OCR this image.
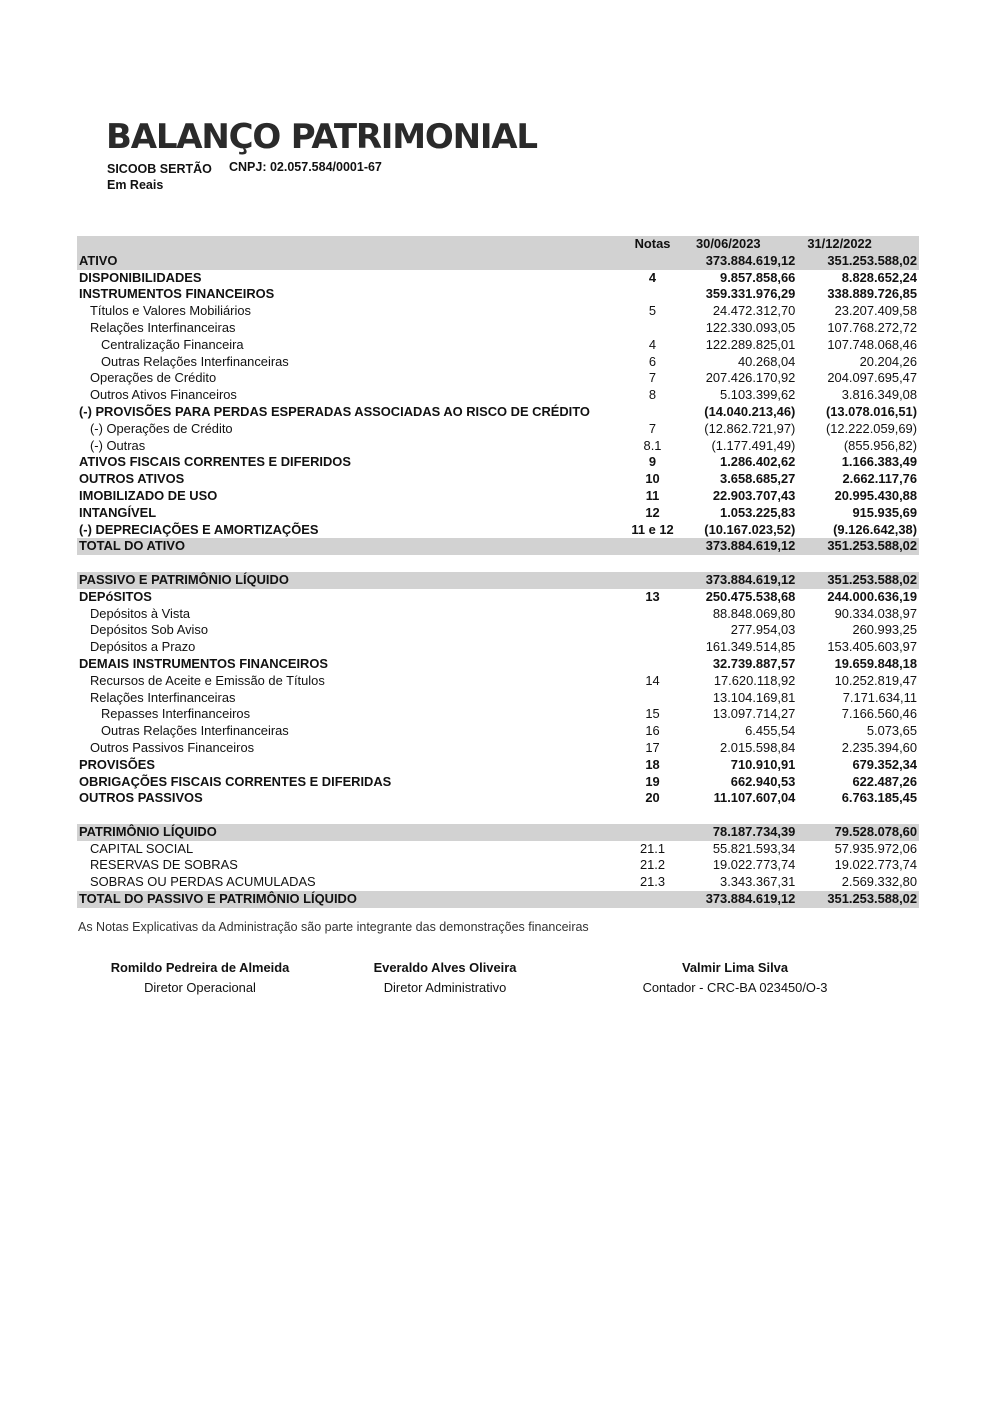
BALANÇO PATRIMONIAL
SICOOB SERTÃO CNPJ: 02.057.584/0001-67
Em Reais
	Notas	30/06/2023	31/12/2022
ATIVO		373.884.619,12	351.253.588,02
DISPONIBILIDADES	4	9.857.858,66	8.828.652,24
INSTRUMENTOS FINANCEIROS		359.331.976,29	338.889.726,85
Títulos e Valores Mobiliários	5	24.472.312,70	23.207.409,58
Relações Interfinanceiras		122.330.093,05	107.768.272,72
Centralização Financeira	4	122.289.825,01	107.748.068,46
Outras Relações Interfinanceiras	6	40.268,04	20.204,26
Operações de Crédito	7	207.426.170,92	204.097.695,47
Outros Ativos Financeiros	8	5.103.399,62	3.816.349,08
(-) PROVISÕES PARA PERDAS ESPERADAS ASSOCIADAS AO RISCO DE CRÉDITO		(14.040.213,46)	(13.078.016,51)
(-) Operações de Crédito	7	(12.862.721,97)	(12.222.059,69)
(-) Outras	8.1	(1.177.491,49)	(855.956,82)
ATIVOS FISCAIS CORRENTES E DIFERIDOS	9	1.286.402,62	1.166.383,49
OUTROS ATIVOS	10	3.658.685,27	2.662.117,76
IMOBILIZADO DE USO	11	22.903.707,43	20.995.430,88
INTANGÍVEL	12	1.053.225,83	915.935,69
(-) DEPRECIAÇÕES E AMORTIZAÇÕES	11 e 12	(10.167.023,52)	(9.126.642,38)
TOTAL DO ATIVO		373.884.619,12	351.253.588,02

PASSIVO E PATRIMÔNIO LÍQUIDO		373.884.619,12	351.253.588,02
DEPóSITOS	13	250.475.538,68	244.000.636,19
Depósitos à Vista		88.848.069,80	90.334.038,97
Depósitos Sob Aviso		277.954,03	260.993,25
Depósitos a Prazo		161.349.514,85	153.405.603,97
DEMAIS INSTRUMENTOS FINANCEIROS		32.739.887,57	19.659.848,18
Recursos de Aceite e Emissão de Títulos	14	17.620.118,92	10.252.819,47
Relações Interfinanceiras		13.104.169,81	7.171.634,11
Repasses Interfinanceiros	15	13.097.714,27	7.166.560,46
Outras Relações Interfinanceiras	16	6.455,54	5.073,65
Outros Passivos Financeiros	17	2.015.598,84	2.235.394,60
PROVISÕES	18	710.910,91	679.352,34
OBRIGAÇÕES FISCAIS CORRENTES E DIFERIDAS	19	662.940,53	622.487,26
OUTROS PASSIVOS	20	11.107.607,04	6.763.185,45

PATRIMÔNIO LÍQUIDO		78.187.734,39	79.528.078,60
CAPITAL SOCIAL	21.1	55.821.593,34	57.935.972,06
RESERVAS DE SOBRAS	21.2	19.022.773,74	19.022.773,74
SOBRAS OU PERDAS ACUMULADAS	21.3	3.343.367,31	2.569.332,80
TOTAL DO PASSIVO E PATRIMÔNIO LÍQUIDO		373.884.619,12	351.253.588,02
As Notas Explicativas da Administração são parte integrante das demonstrações financeiras
Romildo Pedreira de Almeida
Diretor Operacional
Everaldo Alves Oliveira
Diretor Administrativo
Valmir Lima Silva
Contador - CRC-BA 023450/O-3
